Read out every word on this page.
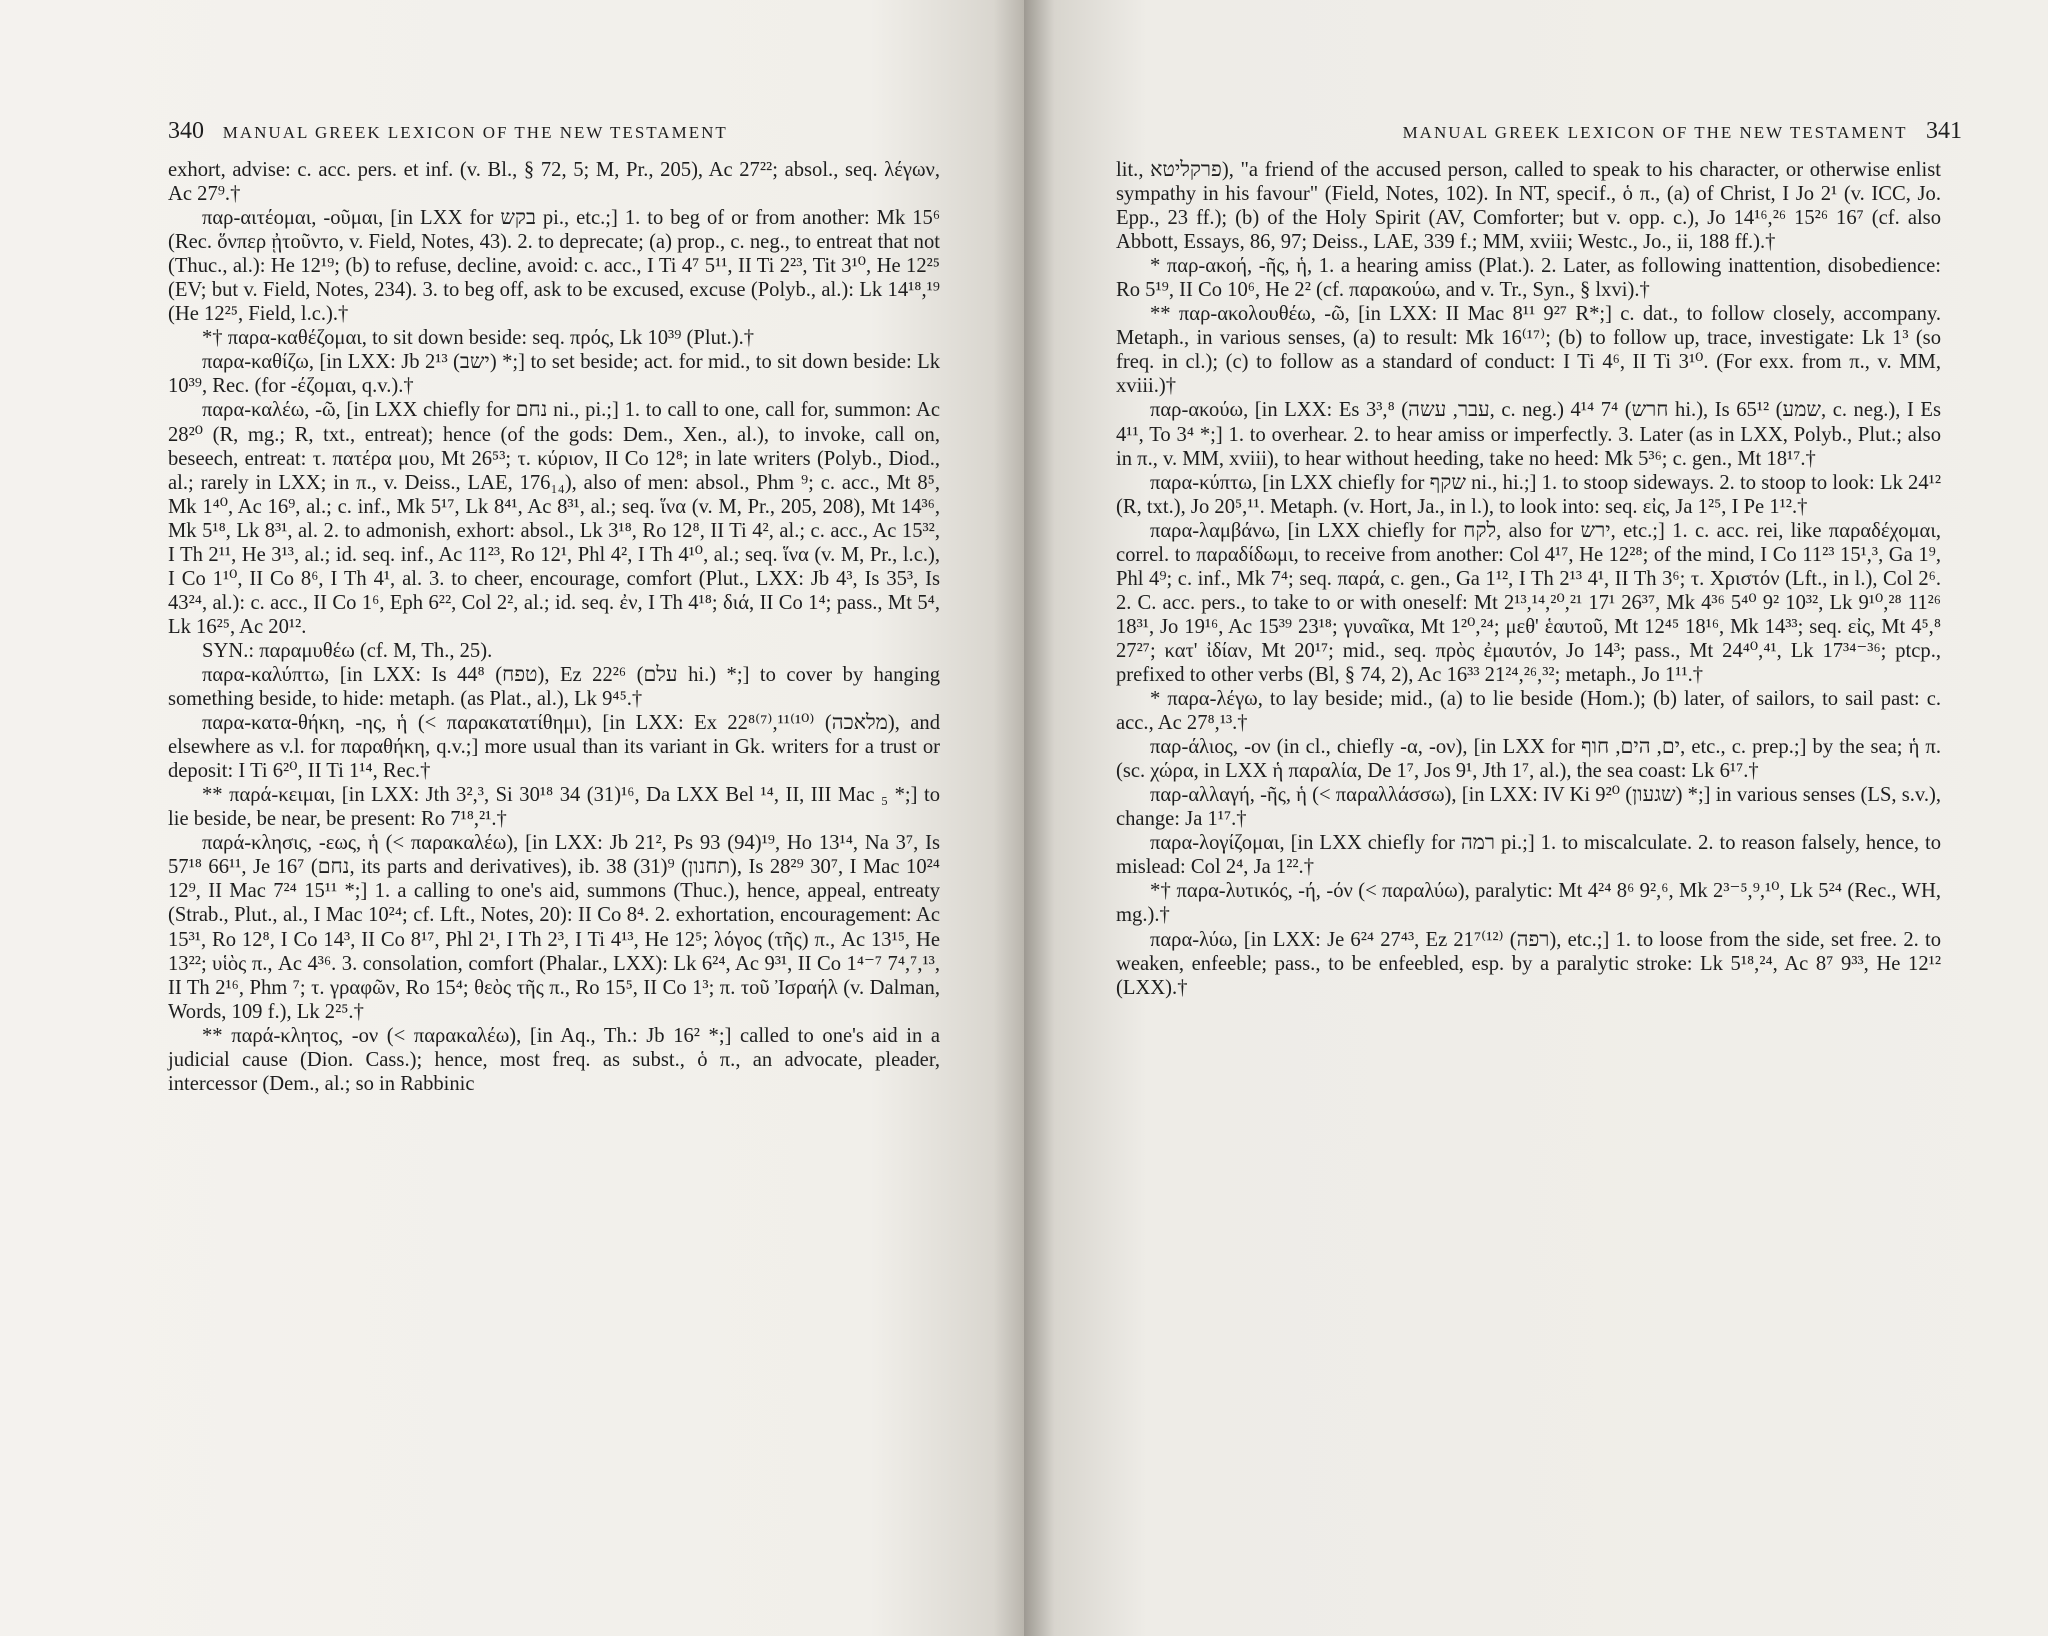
340 MANUAL GREEK LEXICON OF THE NEW TESTAMENT

exhort, advise: c. acc. pers. et inf. (v. Bl., § 72, 5; M, Pr., 205), Ac 27²²; absol., seq. λέγων, Ac 27⁹.†

παρ-αιτέομαι, -οῦμαι, [in LXX for בקש pi., etc.;] 1. to beg of or from another: Mk 15⁶ (Rec. ὅνπερ ᾐτοῦντο, v. Field, Notes, 43). 2. to deprecate; (a) prop., c. neg., to entreat that not (Thuc., al.): He 12¹⁹; (b) to refuse, decline, avoid: c. acc., I Ti 4⁷ 5¹¹, II Ti 2²³, Tit 3¹⁰, He 12²⁵ (EV; but v. Field, Notes, 234). 3. to beg off, ask to be excused, excuse (Polyb., al.): Lk 14¹⁸,¹⁹ (He 12²⁵, Field, l.c.).†

*† παρα-καθέζομαι, to sit down beside: seq. πρός, Lk 10³⁹ (Plut.).†

παρα-καθίζω, [in LXX: Jb 2¹³ (ישב) *;] to set beside; act. for mid., to sit down beside: Lk 10³⁹, Rec. (for -έζομαι, q.v.).†

παρα-καλέω, -ῶ, [in LXX chiefly for נחם ni., pi.;] 1. to call to one, call for, summon: Ac 28²⁰ (R, mg.; R, txt., entreat); hence (of the gods: Dem., Xen., al.), to invoke, call on, beseech, entreat: τ. πατέρα μου, Mt 26⁵³; τ. κύριον, II Co 12⁸; in late writers (Polyb., Diod., al.; rarely in LXX; in π., v. Deiss., LAE, 176₁₄), also of men: absol., Phm ⁹; c. acc., Mt 8⁵, Mk 1⁴⁰, Ac 16⁹, al.; c. inf., Mk 5¹⁷, Lk 8⁴¹, Ac 8³¹, al.; seq. ἵνα (v. M, Pr., 205, 208), Mt 14³⁶, Mk 5¹⁸, Lk 8³¹, al. 2. to admonish, exhort: absol., Lk 3¹⁸, Ro 12⁸, II Ti 4², al.; c. acc., Ac 15³², I Th 2¹¹, He 3¹³, al.; id. seq. inf., Ac 11²³, Ro 12¹, Phl 4², I Th 4¹⁰, al.; seq. ἵνα (v. M, Pr., l.c.), I Co 1¹⁰, II Co 8⁶, I Th 4¹, al. 3. to cheer, encourage, comfort (Plut., LXX: Jb 4³, Is 35³, Is 43²⁴, al.): c. acc., II Co 1⁶, Eph 6²², Col 2², al.; id. seq. ἐν, I Th 4¹⁸; διά, II Co 1⁴; pass., Mt 5⁴, Lk 16²⁵, Ac 20¹².

SYN.: παραμυθέω (cf. M, Th., 25).

παρα-καλύπτω, [in LXX: Is 44⁸ (טפח), Ez 22²⁶ (עלם hi.) *;] to cover by hanging something beside, to hide: metaph. (as Plat., al.), Lk 9⁴⁵.†

παρα-κατα-θήκη, -ης, ἡ (< παρακατατίθημι), [in LXX: Ex 22⁸⁽⁷⁾,¹¹⁽¹⁰⁾ (מלאכה), and elsewhere as v.l. for παραθήκη, q.v.;] more usual than its variant in Gk. writers for a trust or deposit: I Ti 6²⁰, II Ti 1¹⁴, Rec.†

** παρά-κειμαι, [in LXX: Jth 3²,³, Si 30¹⁸ 34 (31)¹⁶, Da LXX Bel ¹⁴, II, III Mac ₅ *;] to lie beside, be near, be present: Ro 7¹⁸,²¹.†

παρά-κλησις, -εως, ἡ (< παρακαλέω), [in LXX: Jb 21², Ps 93 (94)¹⁹, Ho 13¹⁴, Na 3⁷, Is 57¹⁸ 66¹¹, Je 16⁷ (נחם, its parts and derivatives), ib. 38 (31)⁹ (תחנון), Is 28²⁹ 30⁷, I Mac 10²⁴ 12⁹, II Mac 7²⁴ 15¹¹ *;] 1. a calling to one's aid, summons (Thuc.), hence, appeal, entreaty (Strab., Plut., al., I Mac 10²⁴; cf. Lft., Notes, 20): II Co 8⁴. 2. exhortation, encouragement: Ac 15³¹, Ro 12⁸, I Co 14³, II Co 8¹⁷, Phl 2¹, I Th 2³, I Ti 4¹³, He 12⁵; λόγος (τῆς) π., Ac 13¹⁵, He 13²²; υἱὸς π., Ac 4³⁶. 3. consolation, comfort (Phalar., LXX): Lk 6²⁴, Ac 9³¹, II Co 1⁴⁻⁷ 7⁴,⁷,¹³, II Th 2¹⁶, Phm ⁷; τ. γραφῶν, Ro 15⁴; θεὸς τῆς π., Ro 15⁵, II Co 1³; π. τοῦ Ἰσραήλ (v. Dalman, Words, 109 f.), Lk 2²⁵.†

** παρά-κλητος, -ον (< παρακαλέω), [in Aq., Th.: Jb 16² *;] called to one's aid in a judicial cause (Dion. Cass.); hence, most freq. as subst., ὁ π., an advocate, pleader, intercessor (Dem., al.; so in Rabbinic

MANUAL GREEK LEXICON OF THE NEW TESTAMENT 341

lit., פרקליטא), "a friend of the accused person, called to speak to his character, or otherwise enlist sympathy in his favour" (Field, Notes, 102). In NT, specif., ὁ π., (a) of Christ, I Jo 2¹ (v. ICC, Jo. Epp., 23 ff.); (b) of the Holy Spirit (AV, Comforter; but v. opp. c.), Jo 14¹⁶,²⁶ 15²⁶ 16⁷ (cf. also Abbott, Essays, 86, 97; Deiss., LAE, 339 f.; MM, xviii; Westc., Jo., ii, 188 ff.).†

* παρ-ακοή, -ῆς, ἡ, 1. a hearing amiss (Plat.). 2. Later, as following inattention, disobedience: Ro 5¹⁹, II Co 10⁶, He 2² (cf. παρακούω, and v. Tr., Syn., § lxvi).†

** παρ-ακολουθέω, -ῶ, [in LXX: II Mac 8¹¹ 9²⁷ R*;] c. dat., to follow closely, accompany. Metaph., in various senses, (a) to result: Mk 16⁽¹⁷⁾; (b) to follow up, trace, investigate: Lk 1³ (so freq. in cl.); (c) to follow as a standard of conduct: I Ti 4⁶, II Ti 3¹⁰. (For exx. from π., v. MM, xviii.)†

παρ-ακούω, [in LXX: Es 3³,⁸ (עבר, עשה, c. neg.) 4¹⁴ 7⁴ (חרש hi.), Is 65¹² (שמע, c. neg.), I Es 4¹¹, To 3⁴ *;] 1. to overhear. 2. to hear amiss or imperfectly. 3. Later (as in LXX, Polyb., Plut.; also in π., v. MM, xviii), to hear without heeding, take no heed: Mk 5³⁶; c. gen., Mt 18¹⁷.†

παρα-κύπτω, [in LXX chiefly for שקף ni., hi.;] 1. to stoop sideways. 2. to stoop to look: Lk 24¹² (R, txt.), Jo 20⁵,¹¹. Metaph. (v. Hort, Ja., in l.), to look into: seq. εἰς, Ja 1²⁵, I Pe 1¹².†

παρα-λαμβάνω, [in LXX chiefly for לקח, also for ירש, etc.;] 1. c. acc. rei, like παραδέχομαι, correl. to παραδίδωμι, to receive from another: Col 4¹⁷, He 12²⁸; of the mind, I Co 11²³ 15¹,³, Ga 1⁹, Phl 4⁹; c. inf., Mk 7⁴; seq. παρά, c. gen., Ga 1¹², I Th 2¹³ 4¹, II Th 3⁶; τ. Χριστόν (Lft., in l.), Col 2⁶. 2. C. acc. pers., to take to or with oneself: Mt 2¹³,¹⁴,²⁰,²¹ 17¹ 26³⁷, Mk 4³⁶ 5⁴⁰ 9² 10³², Lk 9¹⁰,²⁸ 11²⁶ 18³¹, Jo 19¹⁶, Ac 15³⁹ 23¹⁸; γυναῖκα, Mt 1²⁰,²⁴; μεθ' ἑαυτοῦ, Mt 12⁴⁵ 18¹⁶, Mk 14³³; seq. εἰς, Mt 4⁵,⁸ 27²⁷; κατ' ἰδίαν, Mt 20¹⁷; mid., seq. πρὸς ἐμαυτόν, Jo 14³; pass., Mt 24⁴⁰,⁴¹, Lk 17³⁴⁻³⁶; ptcp., prefixed to other verbs (Bl, § 74, 2), Ac 16³³ 21²⁴,²⁶,³²; metaph., Jo 1¹¹.†

* παρα-λέγω, to lay beside; mid., (a) to lie beside (Hom.); (b) later, of sailors, to sail past: c. acc., Ac 27⁸,¹³.†

παρ-άλιος, -ον (in cl., chiefly -α, -ον), [in LXX for ים, הים, חוף, etc., c. prep.;] by the sea; ἡ π. (sc. χώρα, in LXX ἡ παραλία, De 1⁷, Jos 9¹, Jth 1⁷, al.), the sea coast: Lk 6¹⁷.†

παρ-αλλαγή, -ῆς, ἡ (< παραλλάσσω), [in LXX: IV Ki 9²⁰ (שגעון) *;] in various senses (LS, s.v.), change: Ja 1¹⁷.†

παρα-λογίζομαι, [in LXX chiefly for רמה pi.;] 1. to miscalculate. 2. to reason falsely, hence, to mislead: Col 2⁴, Ja 1²².†

*† παρα-λυτικός, -ή, -όν (< παραλύω), paralytic: Mt 4²⁴ 8⁶ 9²,⁶, Mk 2³⁻⁵,⁹,¹⁰, Lk 5²⁴ (Rec., WH, mg.).†

παρα-λύω, [in LXX: Je 6²⁴ 27⁴³, Ez 21⁷⁽¹²⁾ (רפה), etc.;] 1. to loose from the side, set free. 2. to weaken, enfeeble; pass., to be enfeebled, esp. by a paralytic stroke: Lk 5¹⁸,²⁴, Ac 8⁷ 9³³, He 12¹² (LXX).†
